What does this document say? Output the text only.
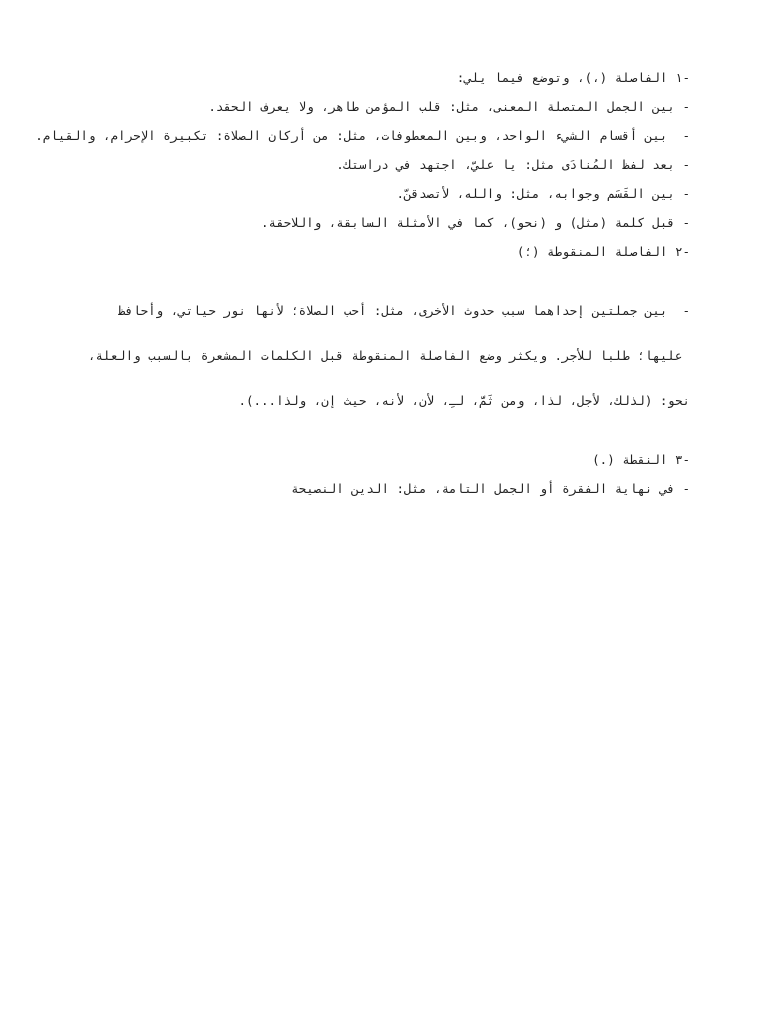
-١ الفاصلة (،)، وتوضع فيما يلي:
- بين الجمل المتصلة المعنى، مثل: قلب المؤمن طاهر، ولا يعرف الحقد.
-  بين أقسام الشيء الواحد، وبين المعطوفات، مثل: من أركان الصلاة: تكبيرة الإحرام، والقيام.
- بعد لفظ المُنادَى مثل: يا عليّ، اجتهد في دراستك.
- بين القَسَم وجوابه، مثل: والله، لأتصدقنّ.
- قبل كلمة (مثل) و (نحو)، كما في الأمثلة السابقة، واللاحقة.
-٢ الفاصلة المنقوطة (؛)

-  بين جملتين إحداهما سبب حدوث الأخرى، مثل: أحب الصلاة؛ لأنها نور حياتي، وأحافظ

عليها؛ طلبا للأجر. ويكثر وضع الفاصلة المنقوطة قبل الكلمات المشعرة بالسبب والعلة،

نحو: (لذلك، لأجل، لذا، ومن ثَمَّ، لـِ، لأن، لأنه، حيث إن، ولذا...).

-٣ النقطة (.)
- في نهاية الفقرة أو الجمل التامة، مثل: الدين النصيحة
